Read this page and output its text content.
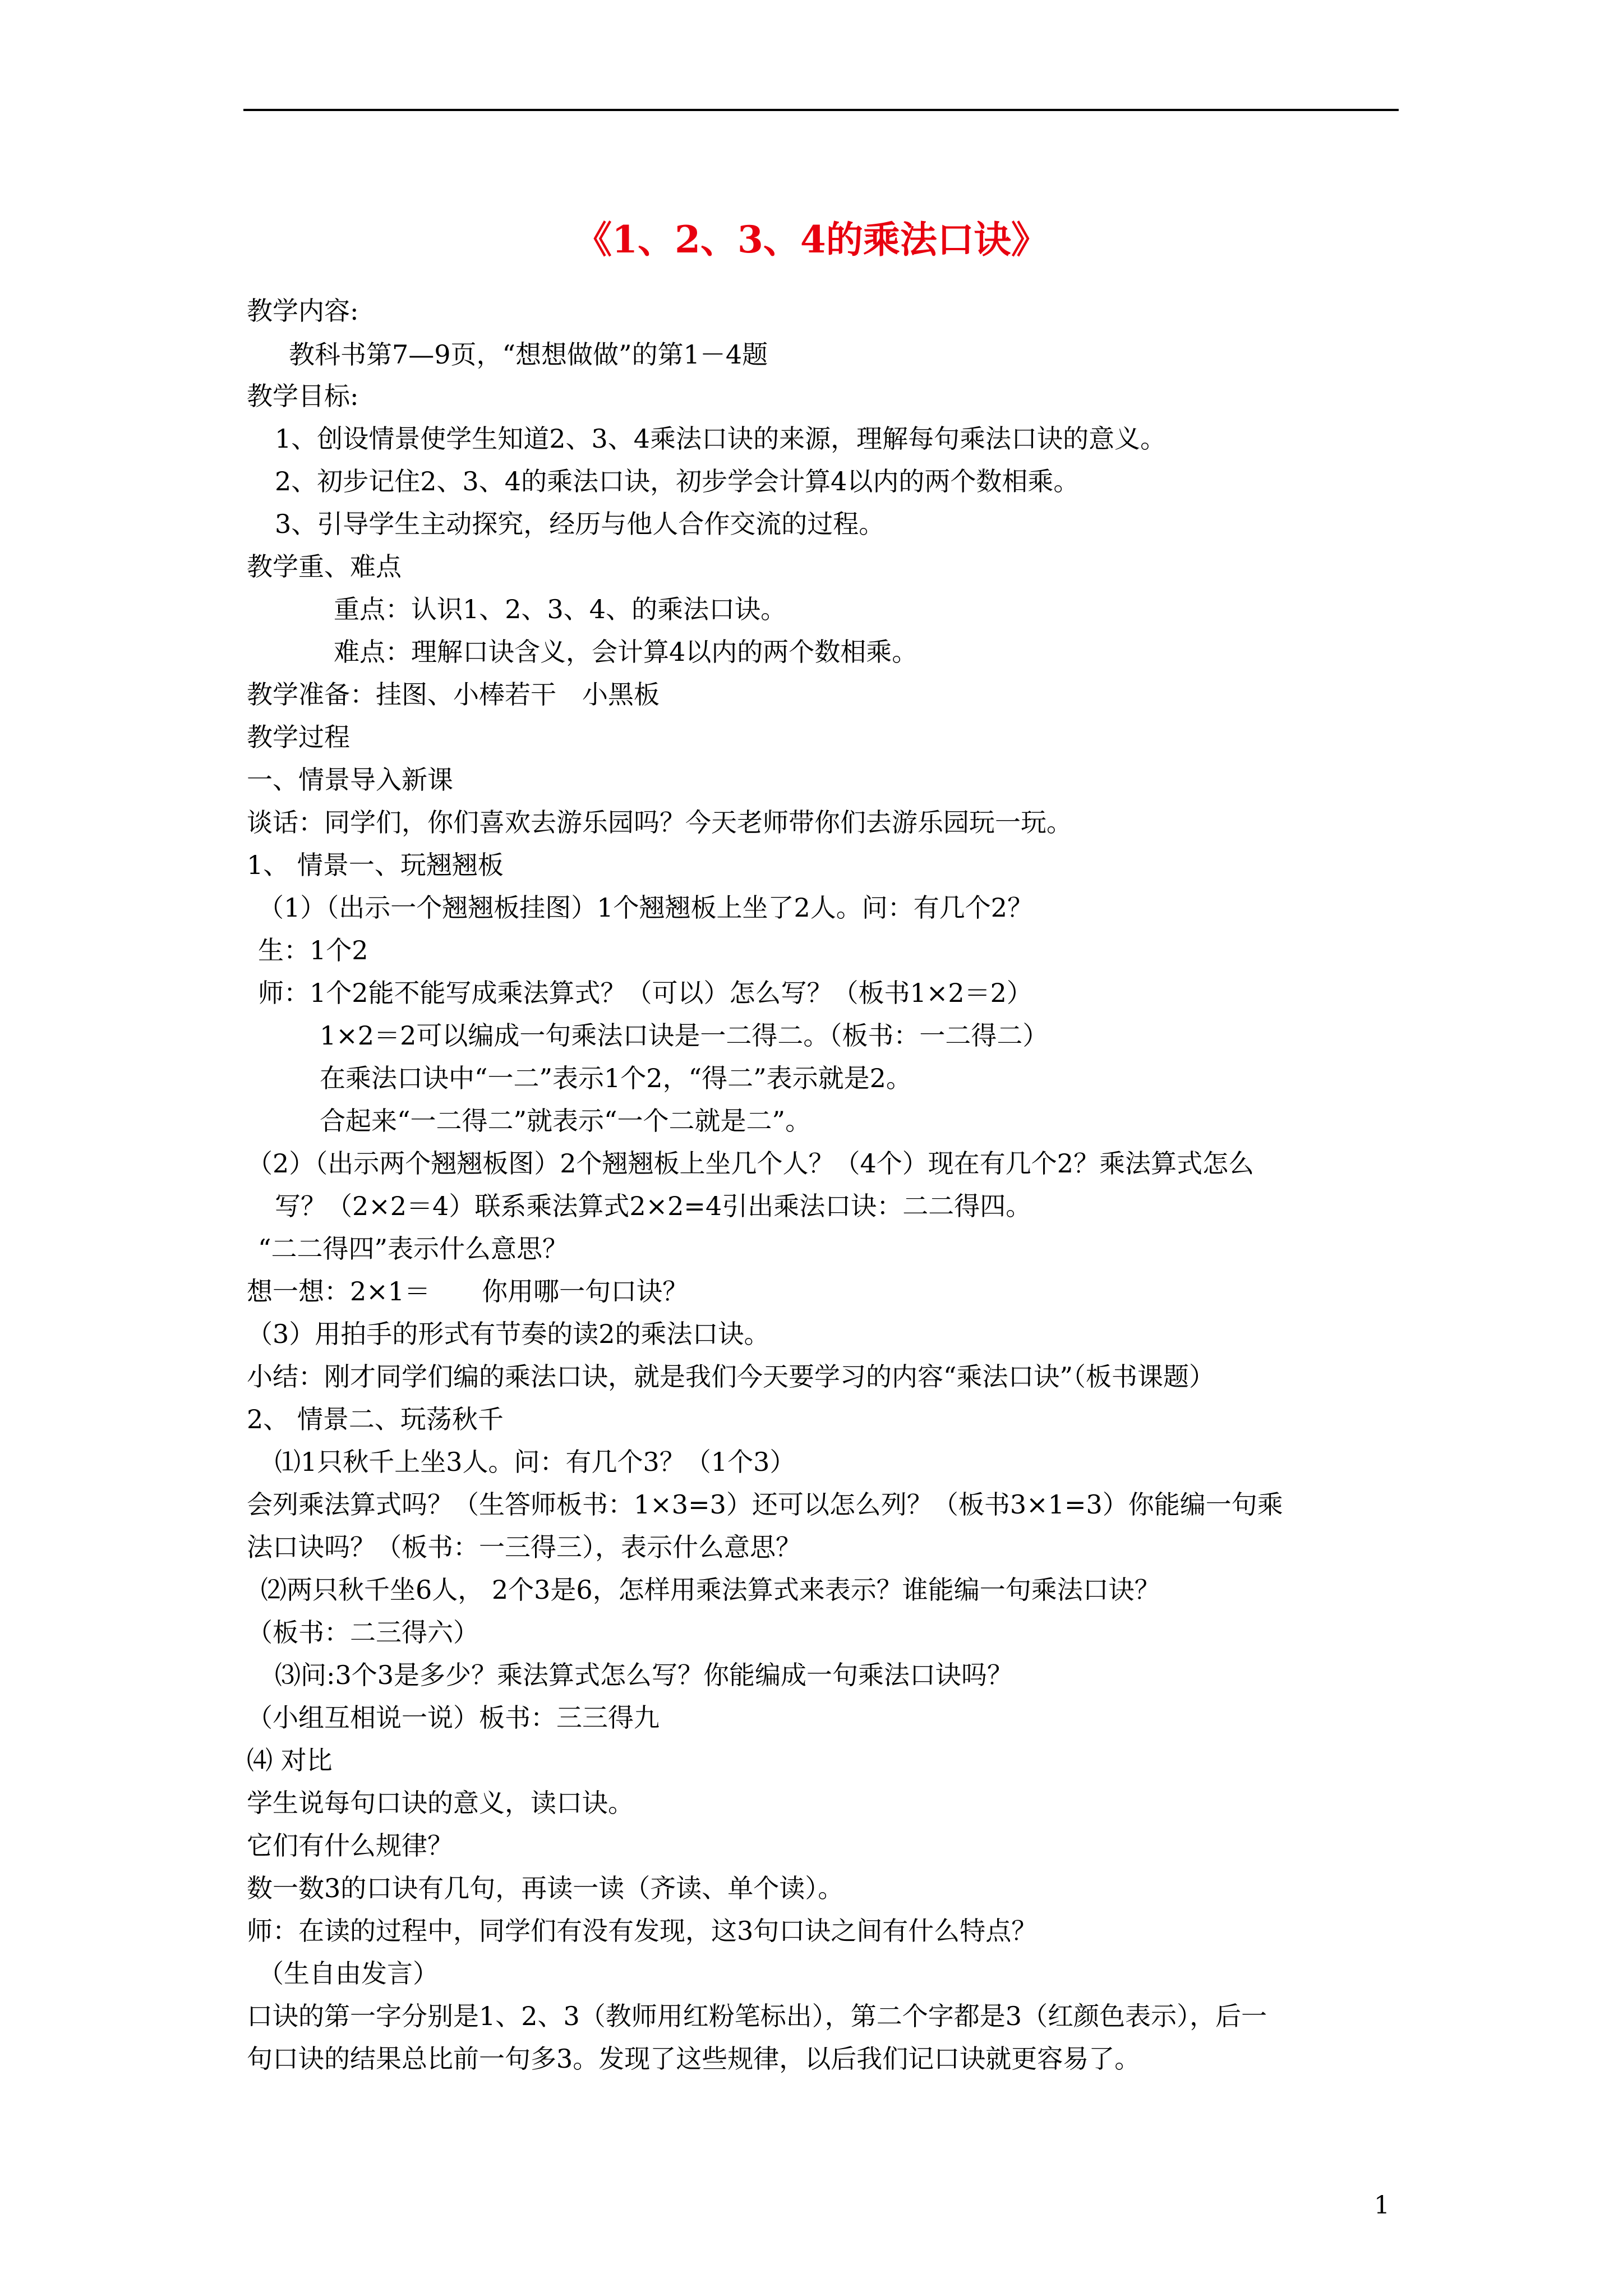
《1、2、3、4的乘法口诀》
教学内容:
教科书第7—9页，“想想做做”的第1－4题
教学目标:
1、创设情景使学生知道2、3、4乘法口诀的来源，理解每句乘法口诀的意义。
2、初步记住2、3、4的乘法口诀，初步学会计算4以内的两个数相乘。
3、引导学生主动探究，经历与他人合作交流的过程。
教学重、难点
重点：认识1、2、3、4、的乘法口诀。
难点：理解口诀含义，会计算4以内的两个数相乘。
教学准备：挂图、小棒若干　小黑板
教学过程
一、情景导入新课
谈话：同学们，你们喜欢去游乐园吗？今天老师带你们去游乐园玩一玩。
1、 情景一、玩翘翘板
（1）（出示一个翘翘板挂图）1个翘翘板上坐了2人。问：有几个2？
生：1个2
师：1个2能不能写成乘法算式？（可以）怎么写？（板书1×2＝2）
1×2＝2可以编成一句乘法口诀是一二得二。（板书：一二得二）
在乘法口诀中“一二”表示1个2，“得二”表示就是2。
合起来“一二得二”就表示“一个二就是二”。
（2）（出示两个翘翘板图）2个翘翘板上坐几个人？（4个）现在有几个2？乘法算式怎么
写？（2×2＝4）联系乘法算式2×2=4引出乘法口诀：二二得四。
“二二得四”表示什么意思？
想一想：2×1＝　　你用哪一句口诀？
（3）用拍手的形式有节奏的读2的乘法口诀。
小结：刚才同学们编的乘法口诀，就是我们今天要学习的内容“乘法口诀”（板书课题）
2、 情景二、玩荡秋千
⑴1只秋千上坐3人。问：有几个3？（1个3）
会列乘法算式吗？（生答师板书：1×3=3）还可以怎么列？（板书3×1=3）你能编一句乘
法口诀吗？（板书：一三得三），表示什么意思？
⑵两只秋千坐6人， 2个3是6，怎样用乘法算式来表示？谁能编一句乘法口诀？
（板书：二三得六）
⑶问:3个3是多少？乘法算式怎么写？你能编成一句乘法口诀吗？
（小组互相说一说）板书：三三得九
⑷ 对比
学生说每句口诀的意义，读口诀。
它们有什么规律？
数一数3的口诀有几句，再读一读（齐读、单个读）。
师：在读的过程中，同学们有没有发现，这3句口诀之间有什么特点？
（生自由发言）
口诀的第一字分别是1、2、3（教师用红粉笔标出），第二个字都是3（红颜色表示），后一
句口诀的结果总比前一句多3。发现了这些规律，以后我们记口诀就更容易了。
1
